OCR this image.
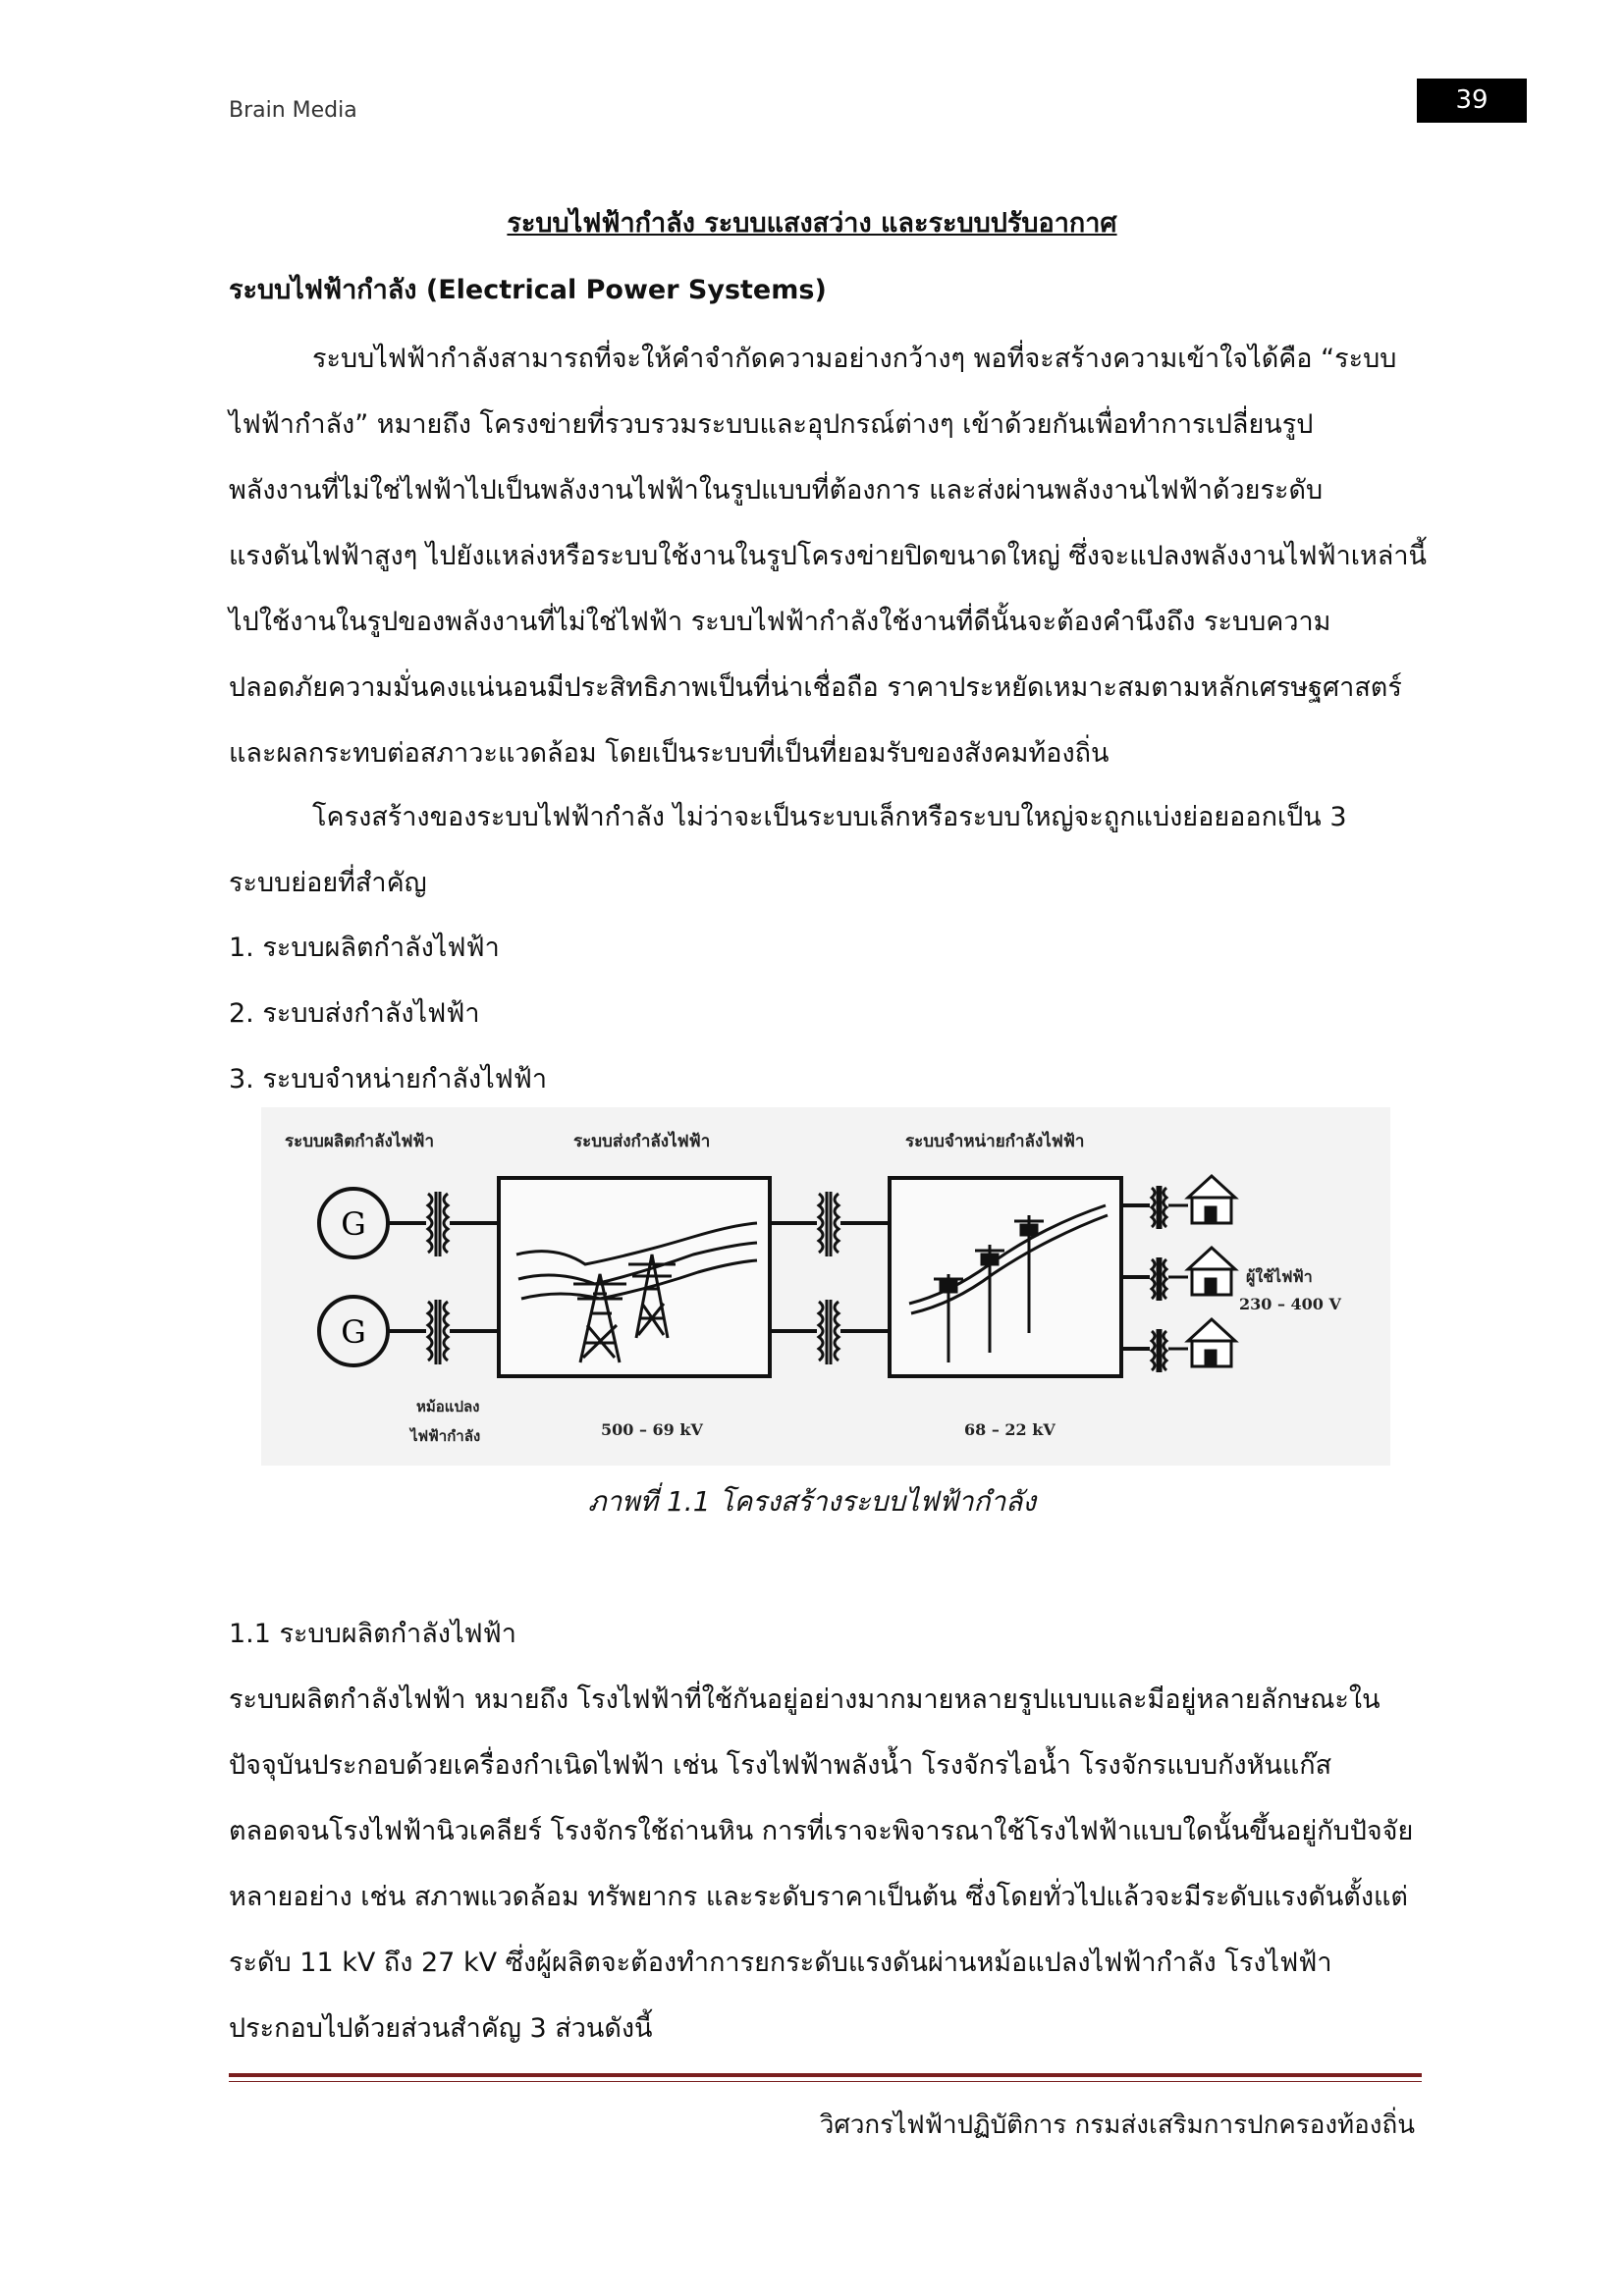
Brain Media	39
ระบบไฟฟ้ากำลัง ระบบแสงสว่าง และระบบปรับอากาศ
ระบบไฟฟ้ากำลัง (Electrical Power Systems)
ระบบไฟฟ้ากำลังสามารถที่จะให้คำจำกัดความอย่างกว้างๆ พอที่จะสร้างความเข้าใจได้คือ “ระบบ
ไฟฟ้ากำลัง” หมายถึง โครงข่ายที่รวบรวมระบบและอุปกรณ์ต่างๆ เข้าด้วยกันเพื่อทำการเปลี่ยนรูป
พลังงานที่ไม่ใช่ไฟฟ้าไปเป็นพลังงานไฟฟ้าในรูปแบบที่ต้องการ และส่งผ่านพลังงานไฟฟ้าด้วยระดับ
แรงดันไฟฟ้าสูงๆ ไปยังแหล่งหรือระบบใช้งานในรูปโครงข่ายปิดขนาดใหญ่ ซึ่งจะแปลงพลังงานไฟฟ้าเหล่านี้
ไปใช้งานในรูปของพลังงานที่ไม่ใช่ไฟฟ้า ระบบไฟฟ้ากำลังใช้งานที่ดีนั้นจะต้องคำนึงถึง ระบบความ
ปลอดภัยความมั่นคงแน่นอนมีประสิทธิภาพเป็นที่น่าเชื่อถือ ราคาประหยัดเหมาะสมตามหลักเศรษฐศาสตร์
และผลกระทบต่อสภาวะแวดล้อม โดยเป็นระบบที่เป็นที่ยอมรับของสังคมท้องถิ่น
โครงสร้างของระบบไฟฟ้ากำลัง ไม่ว่าจะเป็นระบบเล็กหรือระบบใหญ่จะถูกแบ่งย่อยออกเป็น 3
ระบบย่อยที่สำคัญ
1. ระบบผลิตกำลังไฟฟ้า
2. ระบบส่งกำลังไฟฟ้า
3. ระบบจำหน่ายกำลังไฟฟ้า
ระบบผลิตกำลังไฟฟ้า	ระบบส่งกำลังไฟฟ้า	ระบบจำหน่ายกำลังไฟฟ้า
G
G
หม้อแปลง
ไฟฟ้ากำลัง
ผู้ใช้ไฟฟ้า
230 – 400 V
500 – 69 kV	68 – 22 kV
ภาพที่ 1.1 โครงสร้างระบบไฟฟ้ากำลัง
1.1 ระบบผลิตกำลังไฟฟ้า
ระบบผลิตกำลังไฟฟ้า หมายถึง โรงไฟฟ้าที่ใช้กันอยู่อย่างมากมายหลายรูปแบบและมีอยู่หลายลักษณะใน
ปัจจุบันประกอบด้วยเครื่องกำเนิดไฟฟ้า เช่น โรงไฟฟ้าพลังน้ำ โรงจักรไอน้ำ โรงจักรแบบกังหันแก๊ส
ตลอดจนโรงไฟฟ้านิวเคลียร์ โรงจักรใช้ถ่านหิน การที่เราจะพิจารณาใช้โรงไฟฟ้าแบบใดนั้นขึ้นอยู่กับปัจจัย
หลายอย่าง เช่น สภาพแวดล้อม ทรัพยากร และระดับราคาเป็นต้น ซึ่งโดยทั่วไปแล้วจะมีระดับแรงดันตั้งแต่
ระดับ 11 kV ถึง 27 kV ซึ่งผู้ผลิตจะต้องทำการยกระดับแรงดันผ่านหม้อแปลงไฟฟ้ากำลัง โรงไฟฟ้า
ประกอบไปด้วยส่วนสำคัญ 3 ส่วนดังนี้
วิศวกรไฟฟ้าปฏิบัติการ กรมส่งเสริมการปกครองท้องถิ่น
